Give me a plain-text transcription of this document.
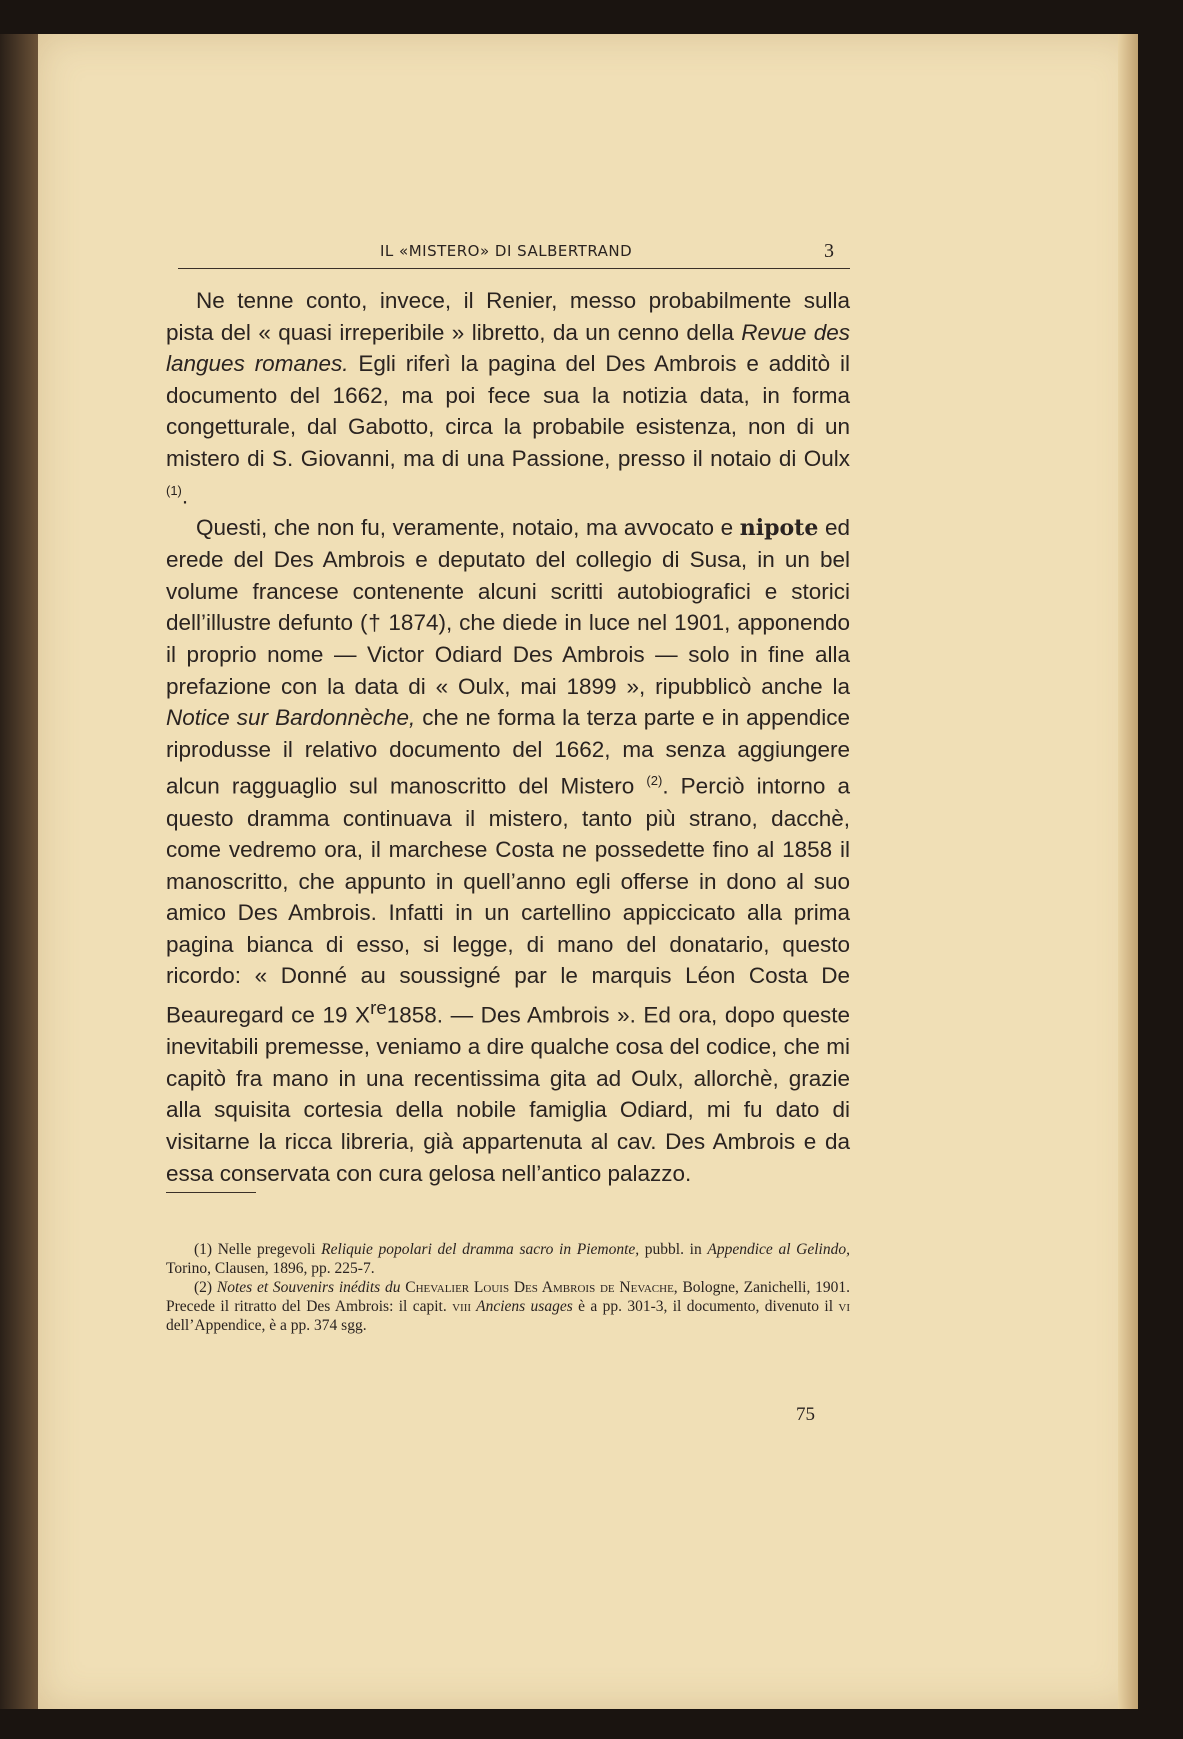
IL «MISTERO» DI SALBERTRAND	3

Ne tenne conto, invece, il Renier, messo probabilmente sulla pista del « quasi irreperibile » libretto, da un cenno della Revue des langues romanes. Egli riferì la pagina del Des Ambrois e additò il documento del 1662, ma poi fece sua la notizia data, in forma congetturale, dal Gabotto, circa la probabile esistenza, non di un mistero di S. Giovanni, ma di una Passione, presso il notaio di Oulx $^{(1)}$.

Questi, che non fu, veramente, notaio, ma avvocato e nipote ed erede del Des Ambrois e deputato del collegio di Susa, in un bel volume francese contenente alcuni scritti autobiografici e storici dell’illustre defunto († 1874), che diede in luce nel 1901, apponendo il proprio nome — Victor Odiard Des Ambrois — solo in fine alla prefazione con la data di « Oulx, mai 1899 », ripubblicò anche la Notice sur Bardonnèche, che ne forma la terza parte e in appendice riprodusse il relativo documento del 1662, ma senza aggiungere alcun ragguaglio sul manoscritto del Mistero $^{(2)}$. Perciò intorno a questo dramma continuava il mistero, tanto più strano, dacchè, come vedremo ora, il marchese Costa ne possedette fino al 1858 il manoscritto, che appunto in quell’anno egli offerse in dono al suo amico Des Ambrois. Infatti in un cartellino appiccicato alla prima pagina bianca di esso, si legge, di mano del donatario, questo ricordo: « Donné au soussigné par le marquis Léon Costa De Beauregard ce 19 Xre1858. — Des Ambrois ». Ed ora, dopo queste inevitabili premesse, veniamo a dire qualche cosa del codice, che mi capitò fra mano in una recentissima gita ad Oulx, allorchè, grazie alla squisita cortesia della nobile famiglia Odiard, mi fu dato di visitarne la ricca libreria, già appartenuta al cav. Des Ambrois e da essa conservata con cura gelosa nell’antico palazzo.

(1) Nelle pregevoli Reliquie popolari del dramma sacro in Piemonte, pubbl. in Appendice al Gelindo, Torino, Clausen, 1896, pp. 225-7.

(2) Notes et Souvenirs inédits du Chevalier Louis Des Ambrois de Nevache, Bologne, Zanichelli, 1901. Precede il ritratto del Des Ambrois: il capit. viii Anciens usages è a pp. 301-3, il documento, divenuto il vi dell’Appendice, è a pp. 374 sgg.

75
